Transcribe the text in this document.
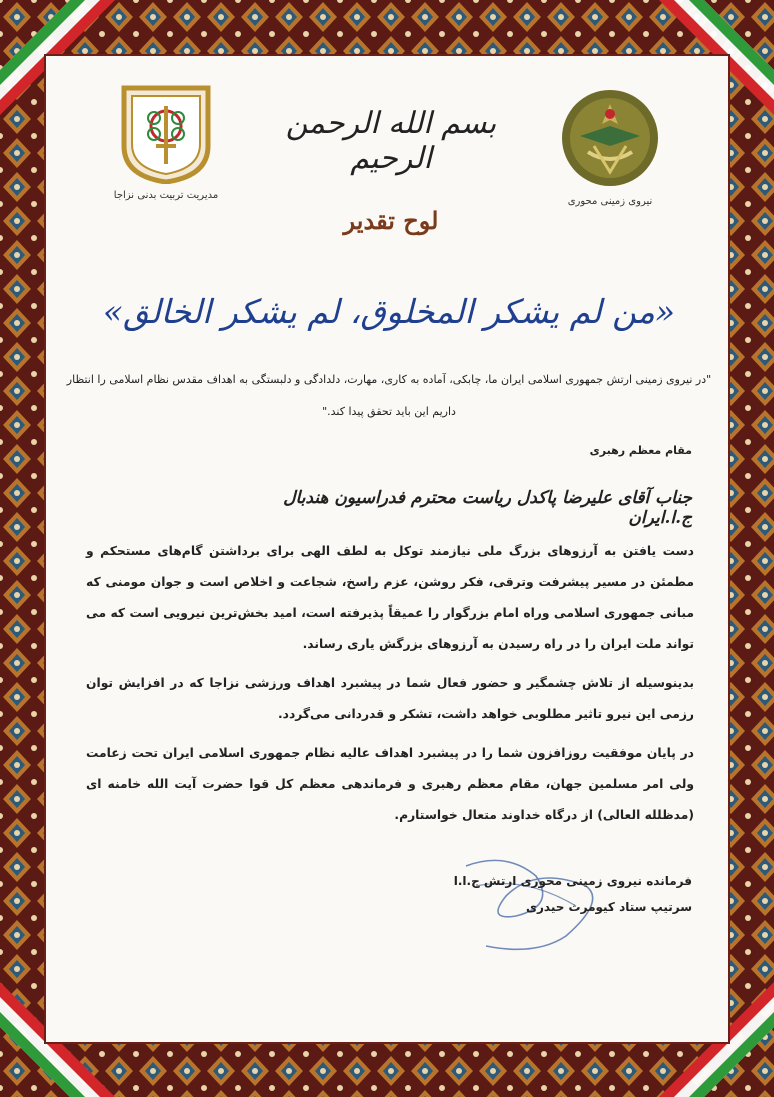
مدیریت تربیت بدنی نزاجا
نیروی زمینی محوری
بسم الله الرحمن الرحیم
لوح تقدیر
«من لم یشکر المخلوق، لم یشکر الخالق»
"در نیروی زمینی ارتش جمهوری اسلامی ایران ما، چابکی، آماده به کاری، مهارت، دلدادگی و دلبستگی به اهداف مقدس نظام اسلامی را انتظار
داریم این باید تحقق پیدا کند."
مقام معظم رهبری
جناب آقای علیرضا پاکدل ریاست محترم فدراسیون هندبال ج.ا.ایران

دست یافتن به آرزوهای بزرگ ملی نیازمند توکل به لطف الهی برای برداشتن گام‌های مستحکم و مطمئن در مسیر پیشرفت وترقی، فکر روشن، عزم راسخ، شجاعت و اخلاص است و جوان مومنی که مبانی جمهوری اسلامی وراه امام بزرگوار را عمیقاً پذیرفته است، امید بخش‌ترین نیرویی است که می تواند ملت ایران را در راه رسیدن به آرزوهای بزرگش یاری رساند.

بدینوسیله از تلاش چشمگیر و حضور فعال شما در پیشبرد اهداف ورزشی نزاجا که در افزایش توان رزمی این نیرو تاثیر مطلوبی خواهد داشت، تشکر و قدردانی می‌گردد.

در پایان موفقیت روزافزون شما را در پیشبرد اهداف عالیه نظام جمهوری اسلامی ایران تحت زعامت ولی امر مسلمین جهان، مقام معظم رهبری و فرماندهی معظم کل قوا حضرت آیت الله خامنه ای (مدظلله العالی) از درگاه خداوند متعال خواستارم.

فرمانده نیروی زمینی محوری ارتش ج.ا.ا
سرتیپ ستاد کیومرث حیدری
